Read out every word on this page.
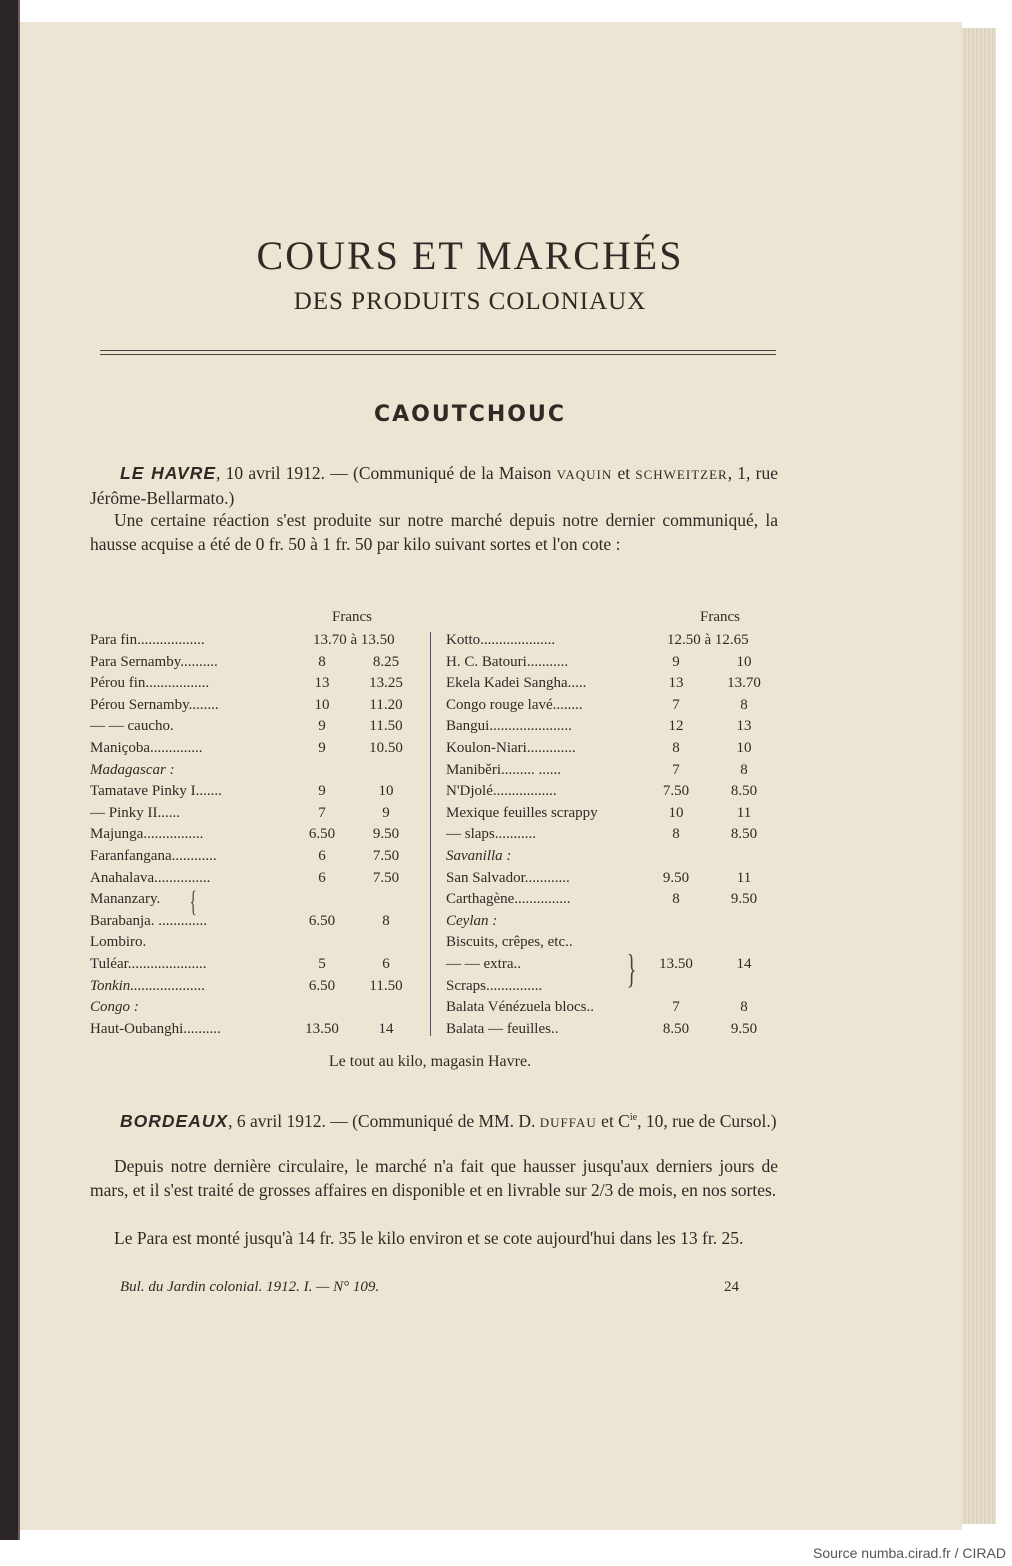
COURS ET MARCHÉS
DES PRODUITS COLONIAUX
CAOUTCHOUC

LE HAVRE, 10 avril 1912. — (Communiqué de la Maison VAQUIN et SCHWEITZER, 1, rue Jérôme-Bellarmato.)

Une certaine réaction s'est produite sur notre marché depuis notre dernier communiqué, la hausse acquise a été de 0 fr. 50 à 1 fr. 50 par kilo suivant sortes et l'on cote :

Francs	Francs
Para fin..................	13.70 à 13.50
Para Sernamby..........	8	8.25
Pérou fin.................	13	13.25
Pérou Sernamby........	10	11.20
— — caucho.	9	11.50
Maniçoba..............	9	10.50
Madagascar :
Tamatave Pinky I.......	9	10
— Pinky II......	7	9
Majunga................	6.50	9.50
Faranfangana............	6	7.50
Anahalava...............	6	7.50
Mananzary.
Barabanja. .............	6.50	8
Lombiro.
Tuléar.....................	5	6
Tonkin....................	6.50	11.50
Congo :
Haut-Oubanghi..........	13.50	14
Kotto....................	12.50 à 12.65
H. C. Batouri...........	9	10
Ekela Kadei Sangha.....	13	13.70
Congo rouge lavé........	7	8
Bangui......................	12	13
Koulon-Niari.............	8	10
Maniběri......... ......	7	8
N'Djolé.................	7.50	8.50
Mexique feuilles scrappy	10	11
— slaps...........	8	8.50
Savanilla :
San Salvador............	9.50	11
Carthagène...............	8	9.50
Ceylan :
Biscuits, crêpes, etc..
— — extra..	13.50	14
Scraps...............
Balata Vénézuela blocs..	7	8
Balata — feuilles..	8.50	9.50
{
}
Le tout au kilo, magasin Havre.

BORDEAUX, 6 avril 1912. — (Communiqué de MM. D. DUFFAU et $C^{ie}$, 10, rue de Cursol.)

Depuis notre dernière circulaire, le marché n'a fait que hausser jusqu'aux derniers jours de mars, et il s'est traité de grosses affaires en disponible et en livrable sur 2/3 de mois, en nos sortes.

Le Para est monté jusqu'à 14 fr. 35 le kilo environ et se cote aujourd'hui dans les 13 fr. 25.

Bul. du Jardin colonial. 1912. I. — N° 109.	24
Source numba.cirad.fr / CIRAD
